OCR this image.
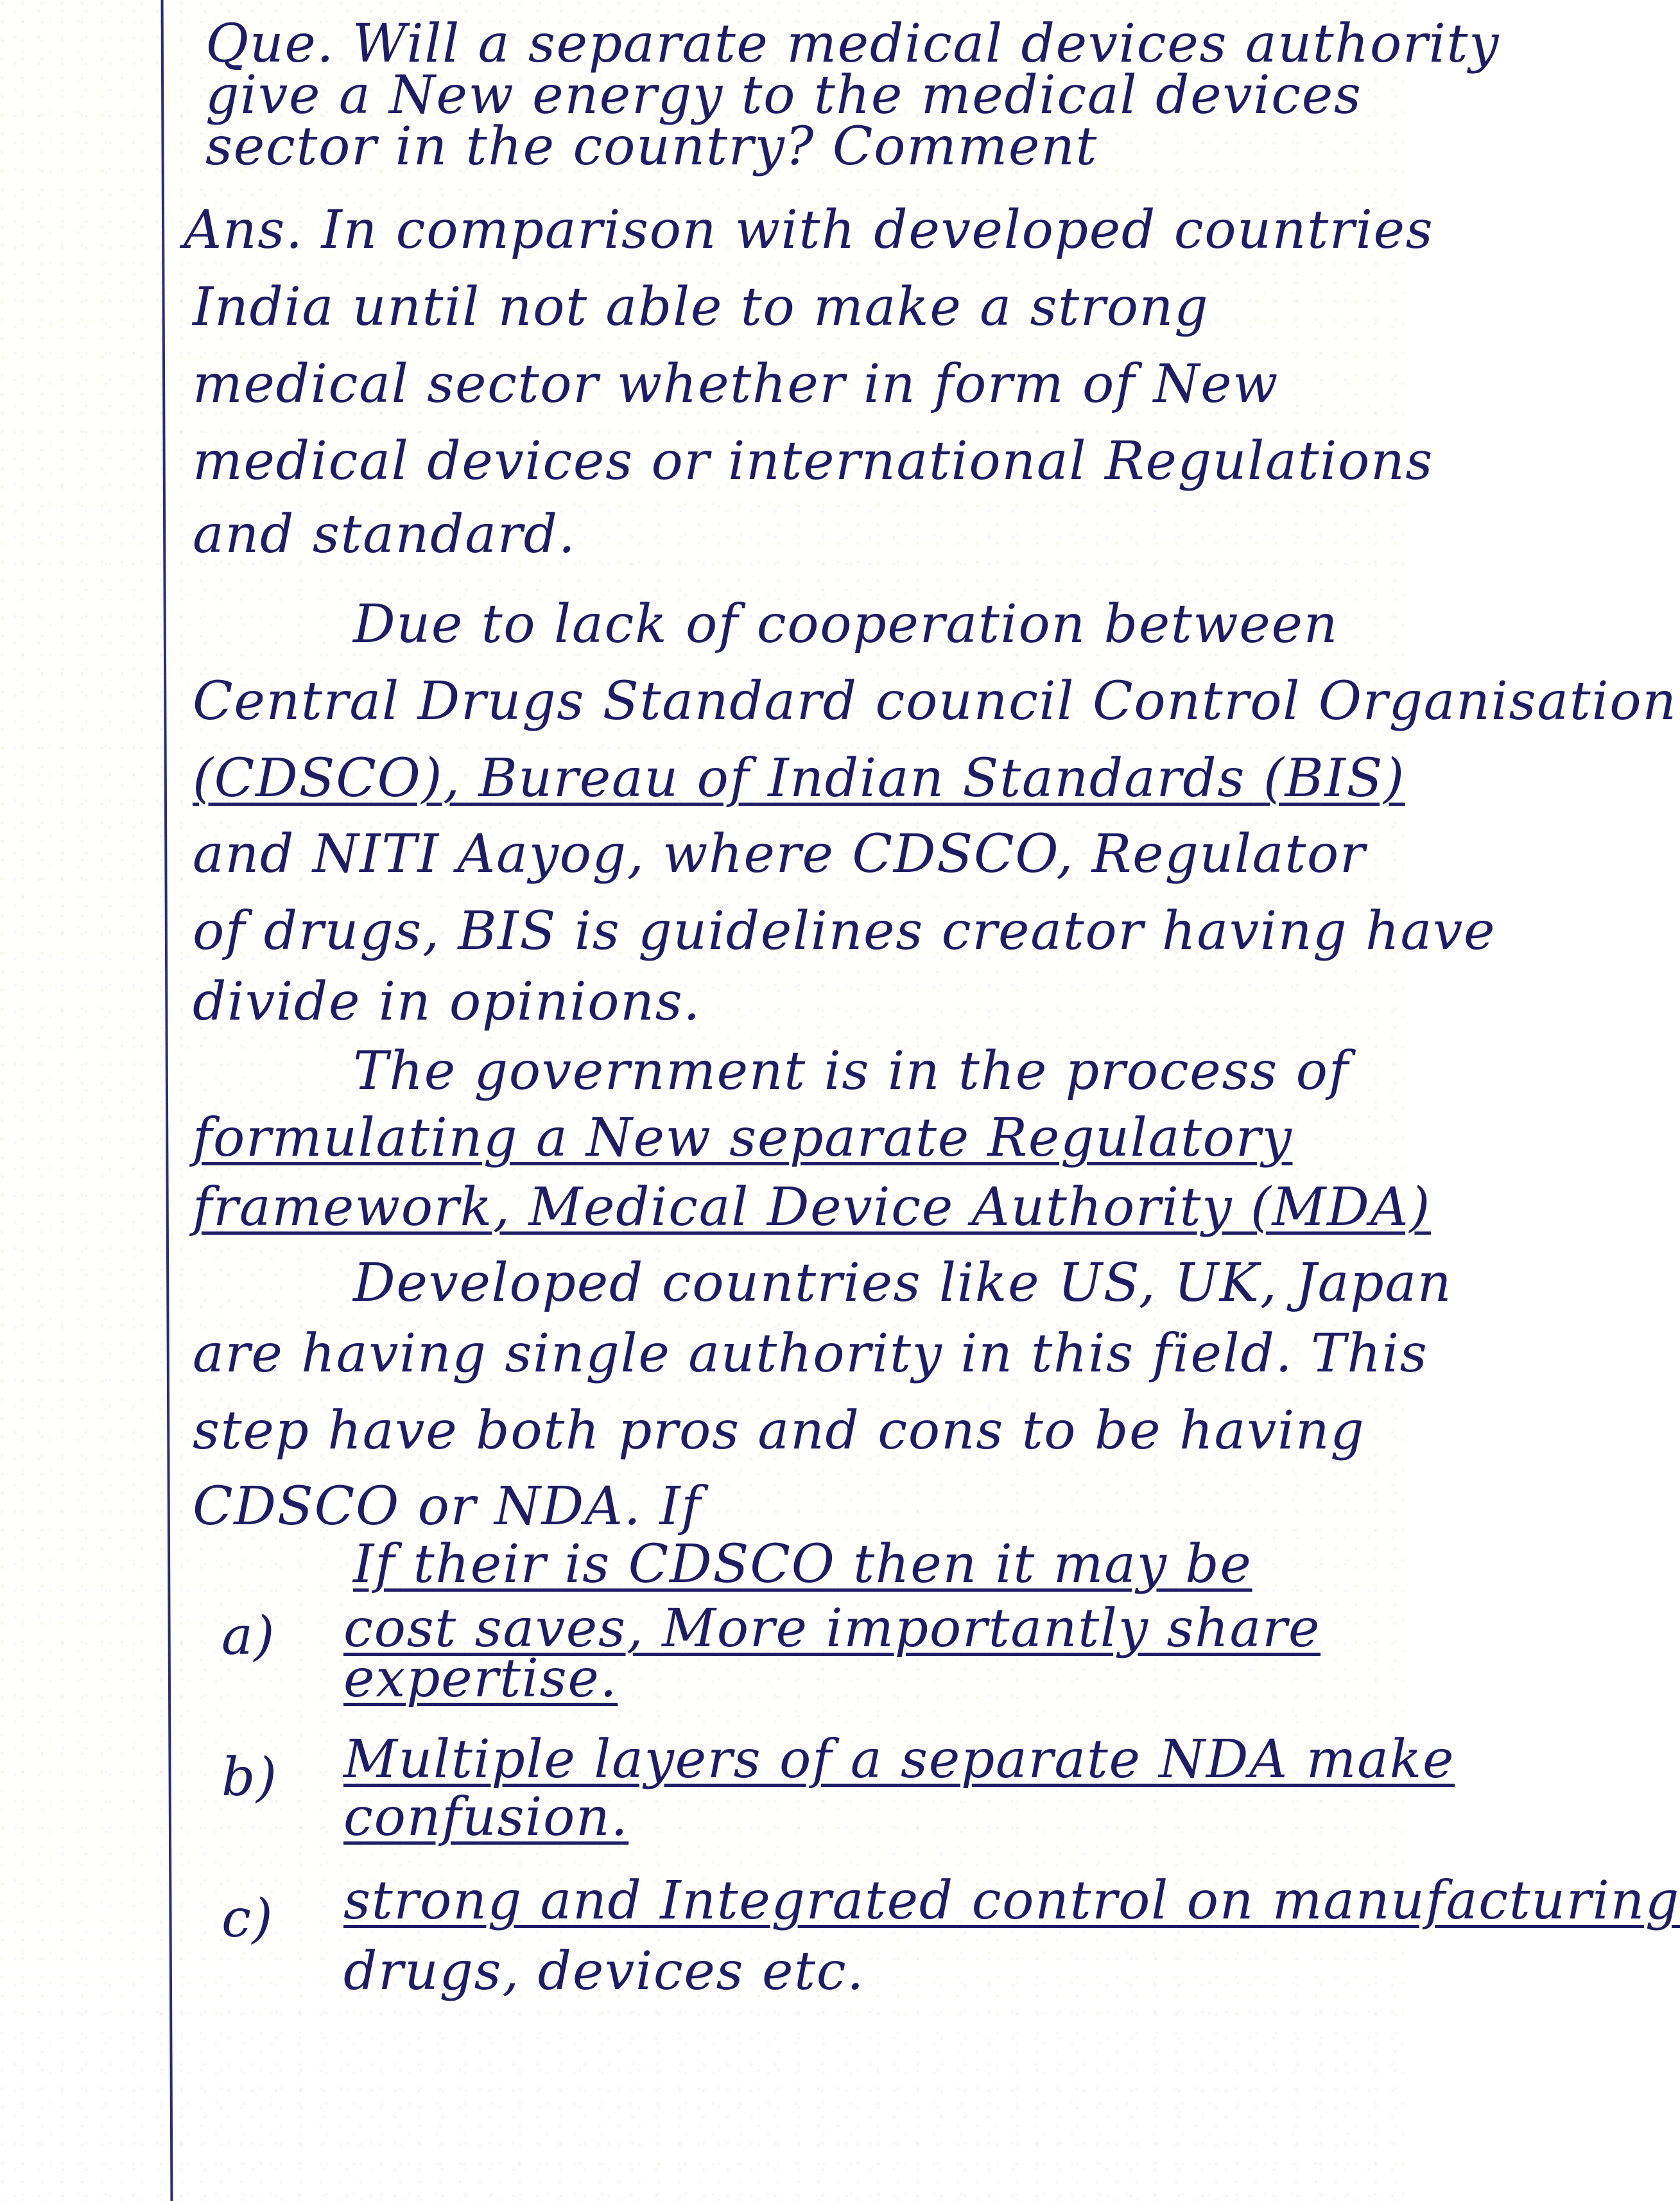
Que. Will a separate medical devices authority
give a New energy to the medical devices
sector in the country? Comment
Ans. In comparison with developed countries
India until not able to make a strong
medical sector whether in form of New
medical devices or international Regulations
and standard.
Due to lack of cooperation between
Central Drugs Standard council Control Organisation
(CDSCO), Bureau of Indian Standards (BIS)
and NITI Aayog, where CDSCO, Regulator
of drugs, BIS is guidelines creator having have
divide in opinions.
The government is in the process of
formulating a New separate Regulatory
framework, Medical Device Authority (MDA)
Developed countries like US, UK, Japan
are having single authority in this field. This
step have both pros and cons to be having
CDSCO or NDA. If
If their is CDSCO then it may be
a) cost saves, More importantly share
expertise.
b) Multiple layers of a separate NDA make
confusion.
c) strong and Integrated control on manufacturing
drugs, devices etc.
